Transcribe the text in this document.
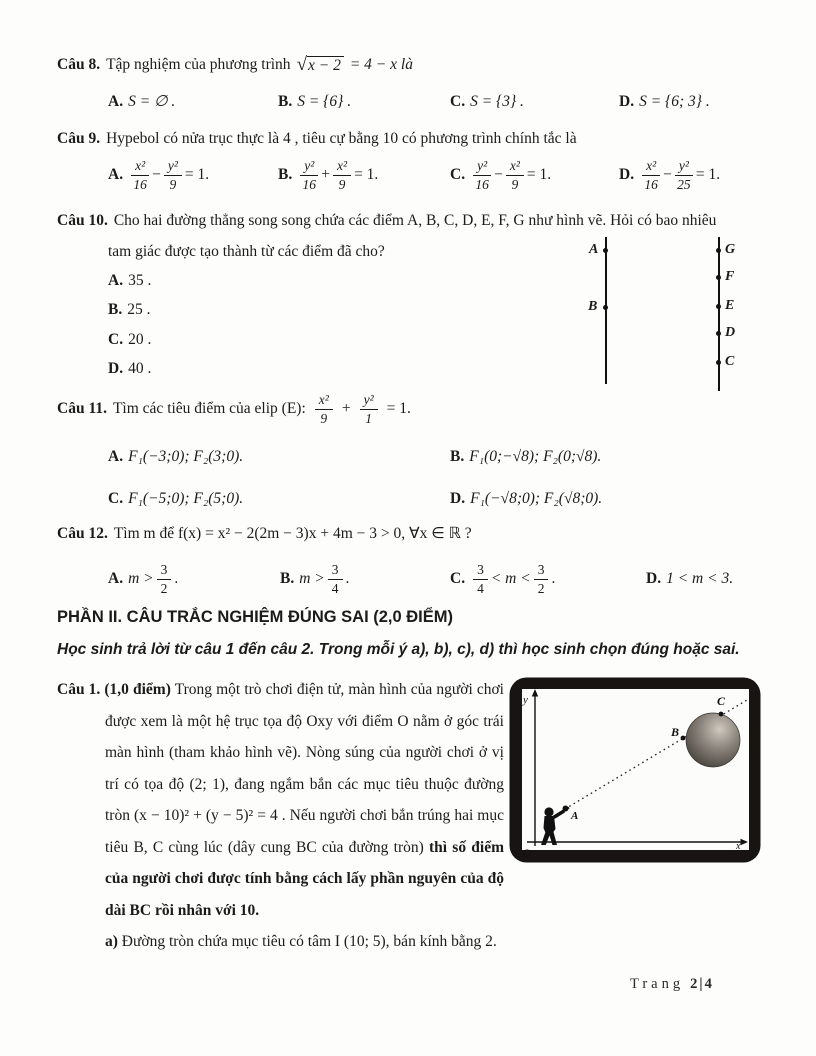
Câu 8. Tập nghiệm của phương trình √x − 2 = 4 − x là
A. S = ∅ .	B. S = {6} .	C. S = {3} .	D. S = {6; 3} .
Câu 9. Hypebol có nửa trục thực là 4 , tiêu cự bằng 10 có phương trình chính tắc là
A. $\frac{\text{x²}}{16} - \frac{\text{y²}}{9} = 1$.	B. $\frac{\text{y²}}{16} + \frac{\text{x²}}{9} = 1$.	C. $\frac{\text{y²}}{16} - \frac{\text{x²}}{9} = 1$.	D. $\frac{\text{x²}}{16} - \frac{\text{y²}}{25} = 1$.
Câu 10. Cho hai đường thẳng song song chứa các điểm A, B, C, D, E, F, G như hình vẽ. Hỏi có bao nhiêu
tam giác được tạo thành từ các điểm đã cho?
A. 35 .
B. 25 .
C. 20 .
D. 40 .
A
B
G
F
E
D
C
Câu 11. Tìm các tiêu điểm của elip (E): $\frac{\text{x²}}{9} + \frac{\text{y²}}{1} = 1$.
A. F₁(−3;0); F₂(3;0).	B. F₁(0;−√8); F₂(0;√8).
C. F₁(−5;0); F₂(5;0).	D. F₁(−√8;0); F₂(√8;0).
Câu 12. Tìm m để f(x) = x² − 2(2m − 3)x + 4m − 3 > 0, ∀x ∈ ℝ ?
A. $m > \frac{3}{2}$ .	B. $m > \frac{3}{4}$ .	C. $\frac{3}{4} < m < \frac{3}{2}$ .	D. 1 < m < 3.
PHẦN II. CÂU TRẮC NGHIỆM ĐÚNG SAI (2,0 ĐIỂM)
Học sinh trả lời từ câu 1 đến câu 2. Trong mỗi ý a), b), c), d) thì học sinh chọn đúng hoặc sai.
Câu 1. (1,0 điểm) Trong một trò chơi điện tử, màn hình của người chơi được xem là một hệ trục tọa độ Oxy với điểm O nằm ở góc trái màn hình (tham khảo hình vẽ). Nòng súng của người chơi ở vị trí có tọa độ (2; 1), đang ngắm bắn các mục tiêu thuộc đường tròn (x − 10)² + (y − 5)² = 4 . Nếu người chơi bắn trúng hai mục tiêu B, C cùng lúc (dây cung BC của đường tròn) thì số điểm của người chơi được tính bằng cách lấy phần nguyên của độ dài BC rồi nhân với 10.
a) Đường tròn chứa mục tiêu có tâm I (10; 5), bán kính bằng 2.
y
O	x
A
B
C
Trang 2|4
